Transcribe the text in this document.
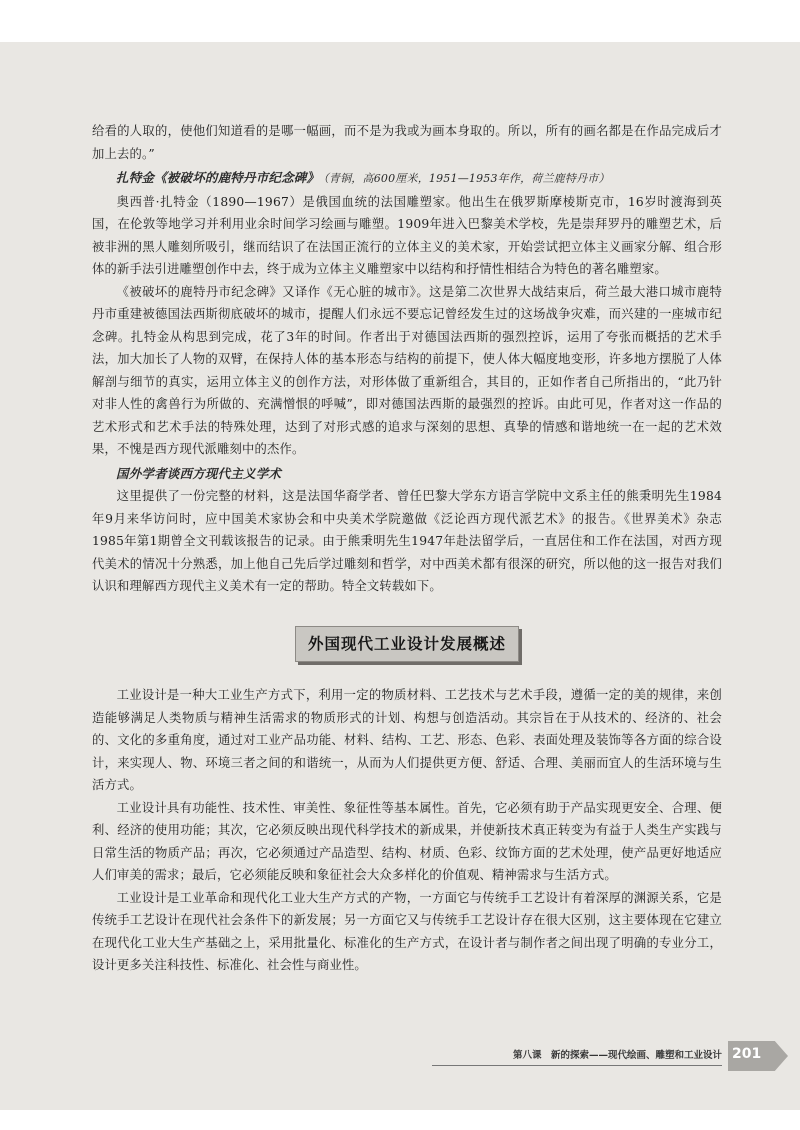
给看的人取的，使他们知道看的是哪一幅画，而不是为我或为画本身取的。所以，所有的画名都是在作品完成后才加上去的。”

扎特金《被破坏的鹿特丹市纪念碑》 （青铜，高600厘米，1951—1953年作，荷兰鹿特丹市）

奥西普·扎特金（1890—1967）是俄国血统的法国雕塑家。他出生在俄罗斯摩棱斯克市，16岁时渡海到英国，在伦敦等地学习并利用业余时间学习绘画与雕塑。1909年进入巴黎美术学校，先是崇拜罗丹的雕塑艺术，后被非洲的黑人雕刻所吸引，继而结识了在法国正流行的立体主义的美术家，开始尝试把立体主义画家分解、组合形体的新手法引进雕塑创作中去，终于成为立体主义雕塑家中以结构和抒情性相结合为特色的著名雕塑家。

《被破坏的鹿特丹市纪念碑》又译作《无心脏的城市》。这是第二次世界大战结束后，荷兰最大港口城市鹿特丹市重建被德国法西斯彻底破坏的城市，提醒人们永远不要忘记曾经发生过的这场战争灾难，而兴建的一座城市纪念碑。扎特金从构思到完成，花了3年的时间。作者出于对德国法西斯的强烈控诉，运用了夸张而概括的艺术手法，加大加长了人物的双臂，在保持人体的基本形态与结构的前提下，使人体大幅度地变形，许多地方摆脱了人体解剖与细节的真实，运用立体主义的创作方法，对形体做了重新组合，其目的，正如作者自己所指出的，“此乃针对非人性的禽兽行为所做的、充满憎恨的呼喊”，即对德国法西斯的最强烈的控诉。由此可见，作者对这一作品的艺术形式和艺术手法的特殊处理，达到了对形式感的追求与深刻的思想、真挚的情感和谐地统一在一起的艺术效果，不愧是西方现代派雕刻中的杰作。

国外学者谈西方现代主义学术

这里提供了一份完整的材料，这是法国华裔学者、曾任巴黎大学东方语言学院中文系主任的熊秉明先生1984年9月来华访问时，应中国美术家协会和中央美术学院邀做《泛论西方现代派艺术》的报告。《世界美术》杂志1985年第1期曾全文刊载该报告的记录。由于熊秉明先生1947年赴法留学后，一直居住和工作在法国，对西方现代美术的情况十分熟悉，加上他自己先后学过雕刻和哲学，对中西美术都有很深的研究，所以他的这一报告对我们认识和理解西方现代主义美术有一定的帮助。特全文转载如下。

外国现代工业设计发展概述

工业设计是一种大工业生产方式下，利用一定的物质材料、工艺技术与艺术手段，遵循一定的美的规律，来创造能够满足人类物质与精神生活需求的物质形式的计划、构想与创造活动。其宗旨在于从技术的、经济的、社会的、文化的多重角度，通过对工业产品功能、材料、结构、工艺、形态、色彩、表面处理及装饰等各方面的综合设计，来实现人、物、环境三者之间的和谐统一，从而为人们提供更方便、舒适、合理、美丽而宜人的生活环境与生活方式。

工业设计具有功能性、技术性、审美性、象征性等基本属性。首先，它必须有助于产品实现更安全、合理、便利、经济的使用功能；其次，它必须反映出现代科学技术的新成果，并使新技术真正转变为有益于人类生产实践与日常生活的物质产品；再次，它必须通过产品造型、结构、材质、色彩、纹饰方面的艺术处理，使产品更好地适应人们审美的需求；最后，它必须能反映和象征社会大众多样化的价值观、精神需求与生活方式。

工业设计是工业革命和现代化工业大生产方式的产物，一方面它与传统手工艺设计有着深厚的渊源关系，它是传统手工艺设计在现代社会条件下的新发展；另一方面它又与传统手工艺设计存在很大区别，这主要体现在它建立在现代化工业大生产基础之上，采用批量化、标准化的生产方式，在设计者与制作者之间出现了明确的专业分工，设计更多关注科技性、标准化、社会性与商业性。

第八课　新的探索——现代绘画、雕塑和工业设计 201
